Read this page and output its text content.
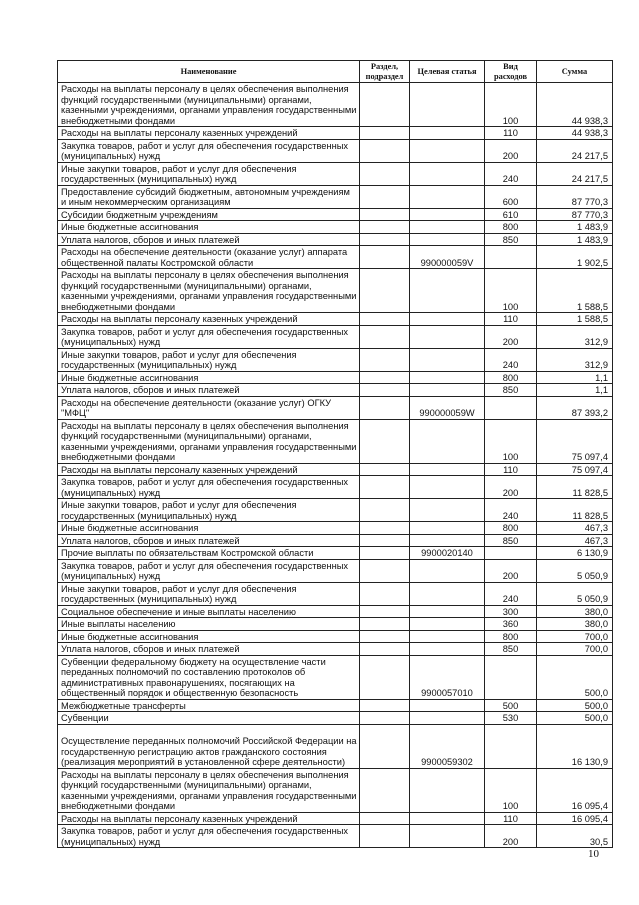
Наименование	Раздел, подраздел	Целевая статья	Вид расходов	Сумма
Расходы на выплаты персоналу в целях обеспечения выполнения функций государственными (муниципальными) органами, казенными учреждениями, органами управления государственными внебюджетными фондами			100	44 938,3
Расходы на выплаты персоналу казенных учреждений			110	44 938,3
Закупка товаров, работ и услуг для обеспечения государственных (муниципальных) нужд			200	24 217,5
Иные закупки товаров, работ и услуг для обеспечения государственных (муниципальных) нужд			240	24 217,5
Предоставление субсидий бюджетным, автономным учреждениям и иным некоммерческим организациям			600	87 770,3
Субсидии бюджетным учреждениям			610	87 770,3
Иные бюджетные ассигнования			800	1 483,9
Уплата налогов, сборов и иных платежей			850	1 483,9
Расходы на обеспечение деятельности (оказание услуг) аппарата общественной палаты Костромской области		990000059V		1 902,5
Расходы на выплаты персоналу в целях обеспечения выполнения функций государственными (муниципальными) органами, казенными учреждениями, органами управления государственными внебюджетными фондами			100	1 588,5
Расходы на выплаты персоналу казенных учреждений			110	1 588,5
Закупка товаров, работ и услуг для обеспечения государственных (муниципальных) нужд			200	312,9
Иные закупки товаров, работ и услуг для обеспечения государственных (муниципальных) нужд			240	312,9
Иные бюджетные ассигнования			800	1,1
Уплата налогов, сборов и иных платежей			850	1,1
Расходы на обеспечение деятельности (оказание услуг) ОГКУ "МФЦ"		990000059W		87 393,2
Расходы на выплаты персоналу в целях обеспечения выполнения функций государственными (муниципальными) органами, казенными учреждениями, органами управления государственными внебюджетными фондами			100	75 097,4
Расходы на выплаты персоналу казенных учреждений			110	75 097,4
Закупка товаров, работ и услуг для обеспечения государственных (муниципальных) нужд			200	11 828,5
Иные закупки товаров, работ и услуг для обеспечения государственных (муниципальных) нужд			240	11 828,5
Иные бюджетные ассигнования			800	467,3
Уплата налогов, сборов и иных платежей			850	467,3
Прочие выплаты по обязательствам Костромской области		9900020140		6 130,9
Закупка товаров, работ и услуг для обеспечения государственных (муниципальных) нужд			200	5 050,9
Иные закупки товаров, работ и услуг для обеспечения государственных (муниципальных) нужд			240	5 050,9
Социальное обеспечение и иные выплаты населению			300	380,0
Иные выплаты населению			360	380,0
Иные бюджетные ассигнования			800	700,0
Уплата налогов, сборов и иных платежей			850	700,0
Субвенции федеральному бюджету на осуществление части переданных полномочий по составлению протоколов об административных правонарушениях, посягающих на общественный порядок и общественную безопасность		9900057010		500,0
Межбюджетные трансферты			500	500,0
Субвенции			530	500,0
Осуществление переданных полномочий Российской Федерации на государственную регистрацию актов гражданского состояния (реализация мероприятий в установленной сфере деятельности)		9900059302		16 130,9
Расходы на выплаты персоналу в целях обеспечения выполнения функций государственными (муниципальными) органами, казенными учреждениями, органами управления государственными внебюджетными фондами			100	16 095,4
Расходы на выплаты персоналу казенных учреждений			110	16 095,4
Закупка товаров, работ и услуг для обеспечения государственных (муниципальных) нужд			200	30,5
10
